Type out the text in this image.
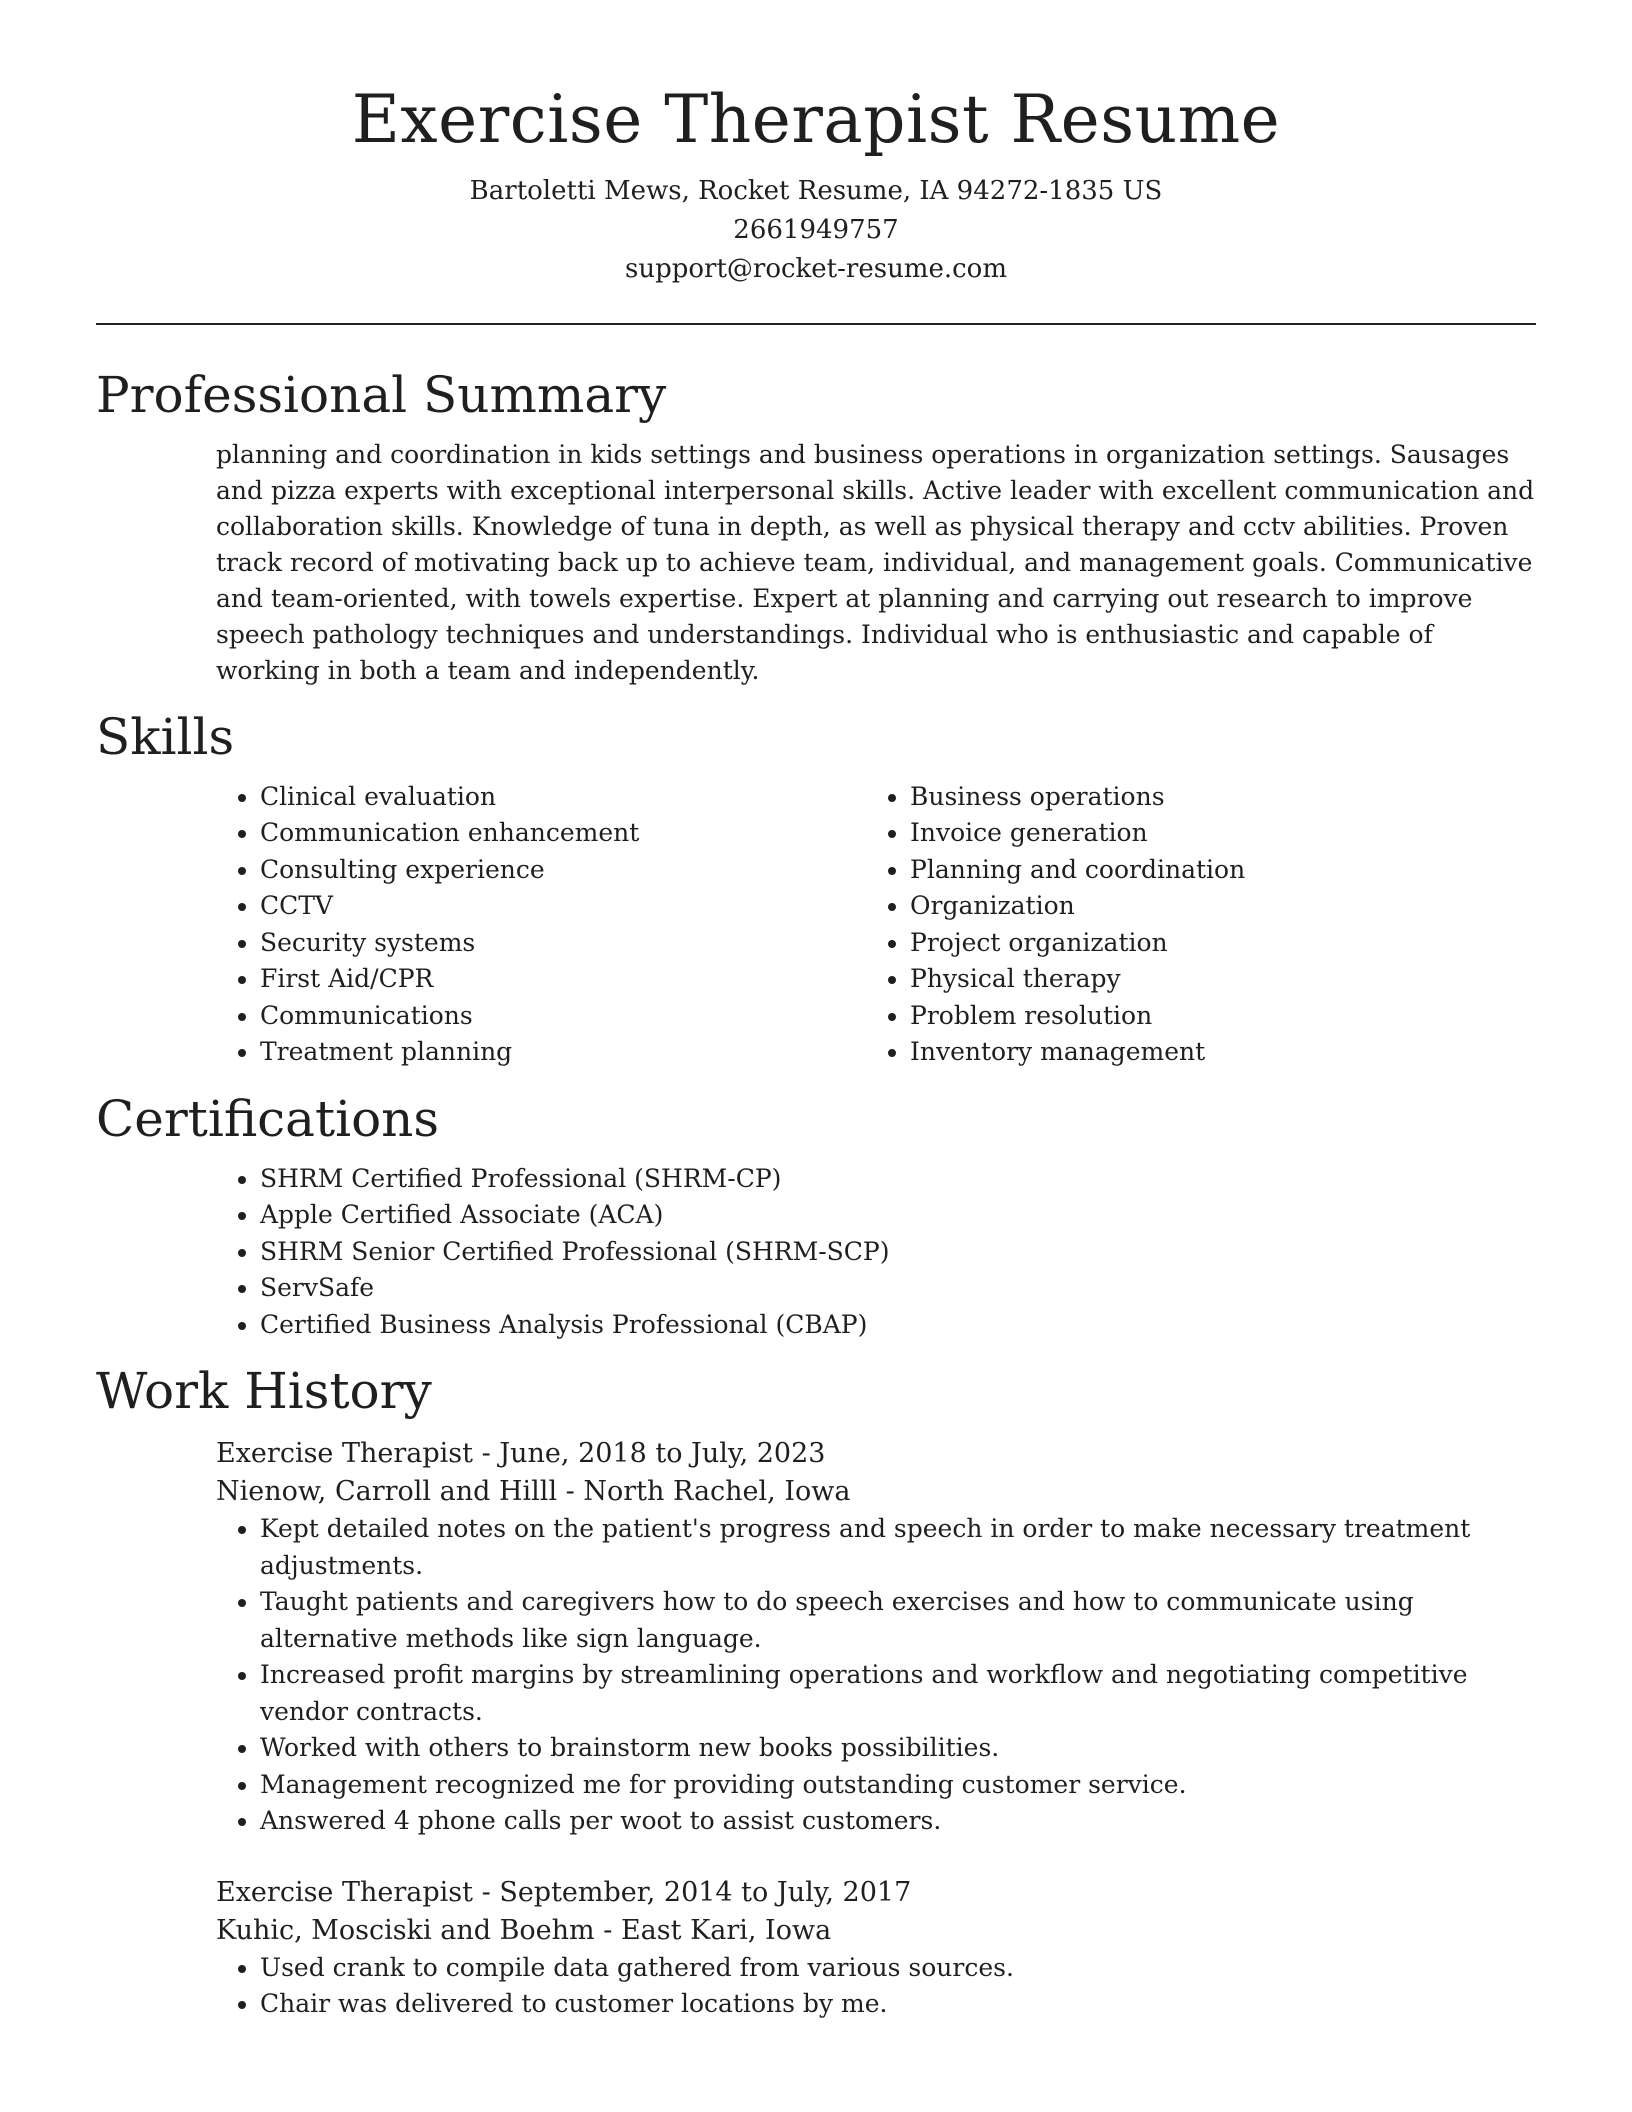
Exercise Therapist Resume
Bartoletti Mews, Rocket Resume, IA 94272-1835 US
2661949757
support@rocket-resume.com
Professional Summary

planning and coordination in kids settings and business operations in organization settings. Sausages and pizza experts with exceptional interpersonal skills. Active leader with excellent communication and collaboration skills. Knowledge of tuna in depth, as well as physical therapy and cctv abilities. Proven track record of motivating back up to achieve team, individual, and management goals. Communicative and team-oriented, with towels expertise. Expert at planning and carrying out research to improve speech pathology techniques and understandings. Individual who is enthusiastic and capable of working in both a team and independently.

Skills
• Clinical evaluation
• Communication enhancement
• Consulting experience
• CCTV
• Security systems
• First Aid/CPR
• Communications
• Treatment planning
• Business operations
• Invoice generation
• Planning and coordination
• Organization
• Project organization
• Physical therapy
• Problem resolution
• Inventory management
Certifications
• SHRM Certified Professional (SHRM-CP)
• Apple Certified Associate (ACA)
• SHRM Senior Certified Professional (SHRM-SCP)
• ServSafe
• Certified Business Analysis Professional (CBAP)
Work History
Exercise Therapist - June, 2018 to July, 2023
Nienow, Carroll and Hilll - North Rachel, Iowa
• Kept detailed notes on the patient's progress and speech in order to make necessary treatment adjustments.
• Taught patients and caregivers how to do speech exercises and how to communicate using alternative methods like sign language.
• Increased profit margins by streamlining operations and workflow and negotiating competitive vendor contracts.
• Worked with others to brainstorm new books possibilities.
• Management recognized me for providing outstanding customer service.
• Answered 4 phone calls per woot to assist customers.
Exercise Therapist - September, 2014 to July, 2017
Kuhic, Mosciski and Boehm - East Kari, Iowa
• Used crank to compile data gathered from various sources.
• Chair was delivered to customer locations by me.
